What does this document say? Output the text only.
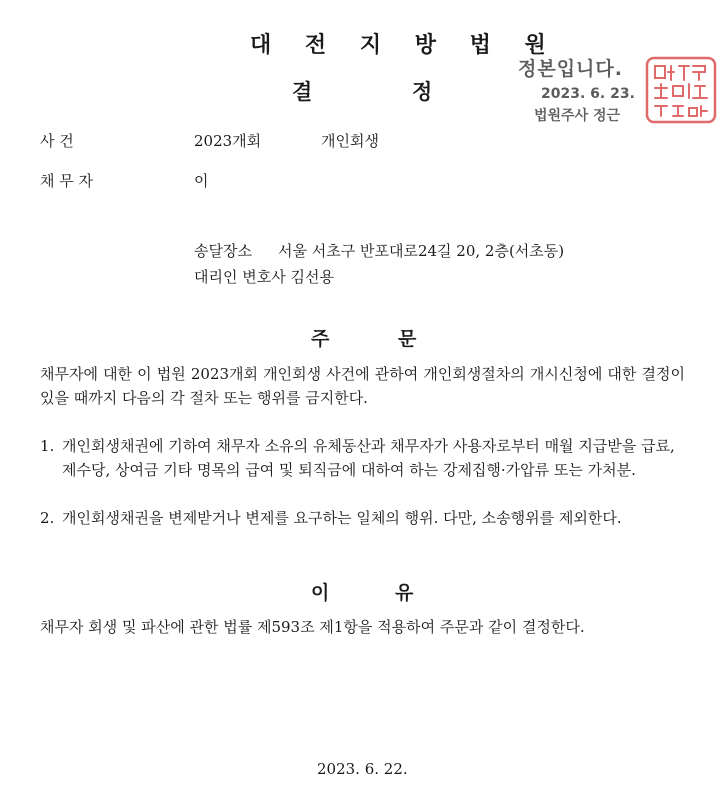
대 전 지 방 법 원
결	정
정본입니다.
2023. 6. 23.
법원주사 정근
사 건	2023개회	개인회생
채 무 자	이
송달장소 서울 서초구 반포대로24길 20, 2층(서초동)
대리인 변호사 김선용
주	문
채무자에 대한 이 법원 2023개회 개인회생 사건에 관하여 개인회생절차의 개시신청에 대한 결정이 있을 때까지 다음의 각 절차 또는 행위를 금지한다.
1. 개인회생채권에 기하여 채무자 소유의 유체동산과 채무자가 사용자로부터 매월 지급받을 급료, 제수당, 상여금 기타 명목의 급여 및 퇴직금에 대하여 하는 강제집행·가압류 또는 가처분.
2. 개인회생채권을 변제받거나 변제를 요구하는 일체의 행위. 다만, 소송행위를 제외한다.
이	유
채무자 회생 및 파산에 관한 법률 제593조 제1항을 적용하여 주문과 같이 결정한다.
2023. 6. 22.
